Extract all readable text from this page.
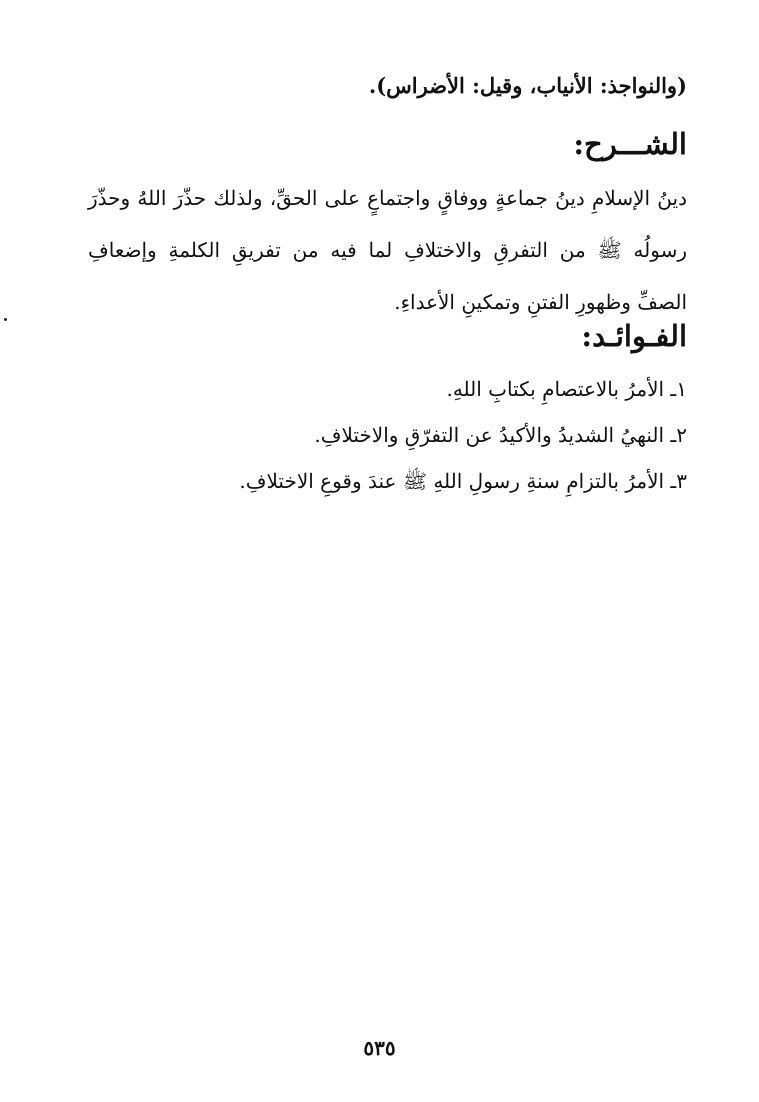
(والنواجذ: الأنياب، وقيل: الأضراس).
الشـــرح:
دينُ الإسلامِ دينُ جماعةٍ ووفاقٍ واجتماعٍ على الحقِّ، ولذلك حذّرَ اللهُ وحذّرَ رسولُه ﷺ من التفرقِ والاختلافِ لما فيه من تفريقِ الكلمةِ وإضعافِ الصفِّ وظهورِ الفتنِ وتمكينِ الأعداءِ.
الفـوائـد:
١ـ الأمرُ بالاعتصامِ بكتابِ اللهِ.
٢ـ النهيُ الشديدُ والأكيدُ عن التفرّقِ والاختلافِ.
٣ـ الأمرُ بالتزامِ سنةِ رسولِ اللهِ ﷺ عندَ وقوعِ الاختلافِ.
٥٣٥
